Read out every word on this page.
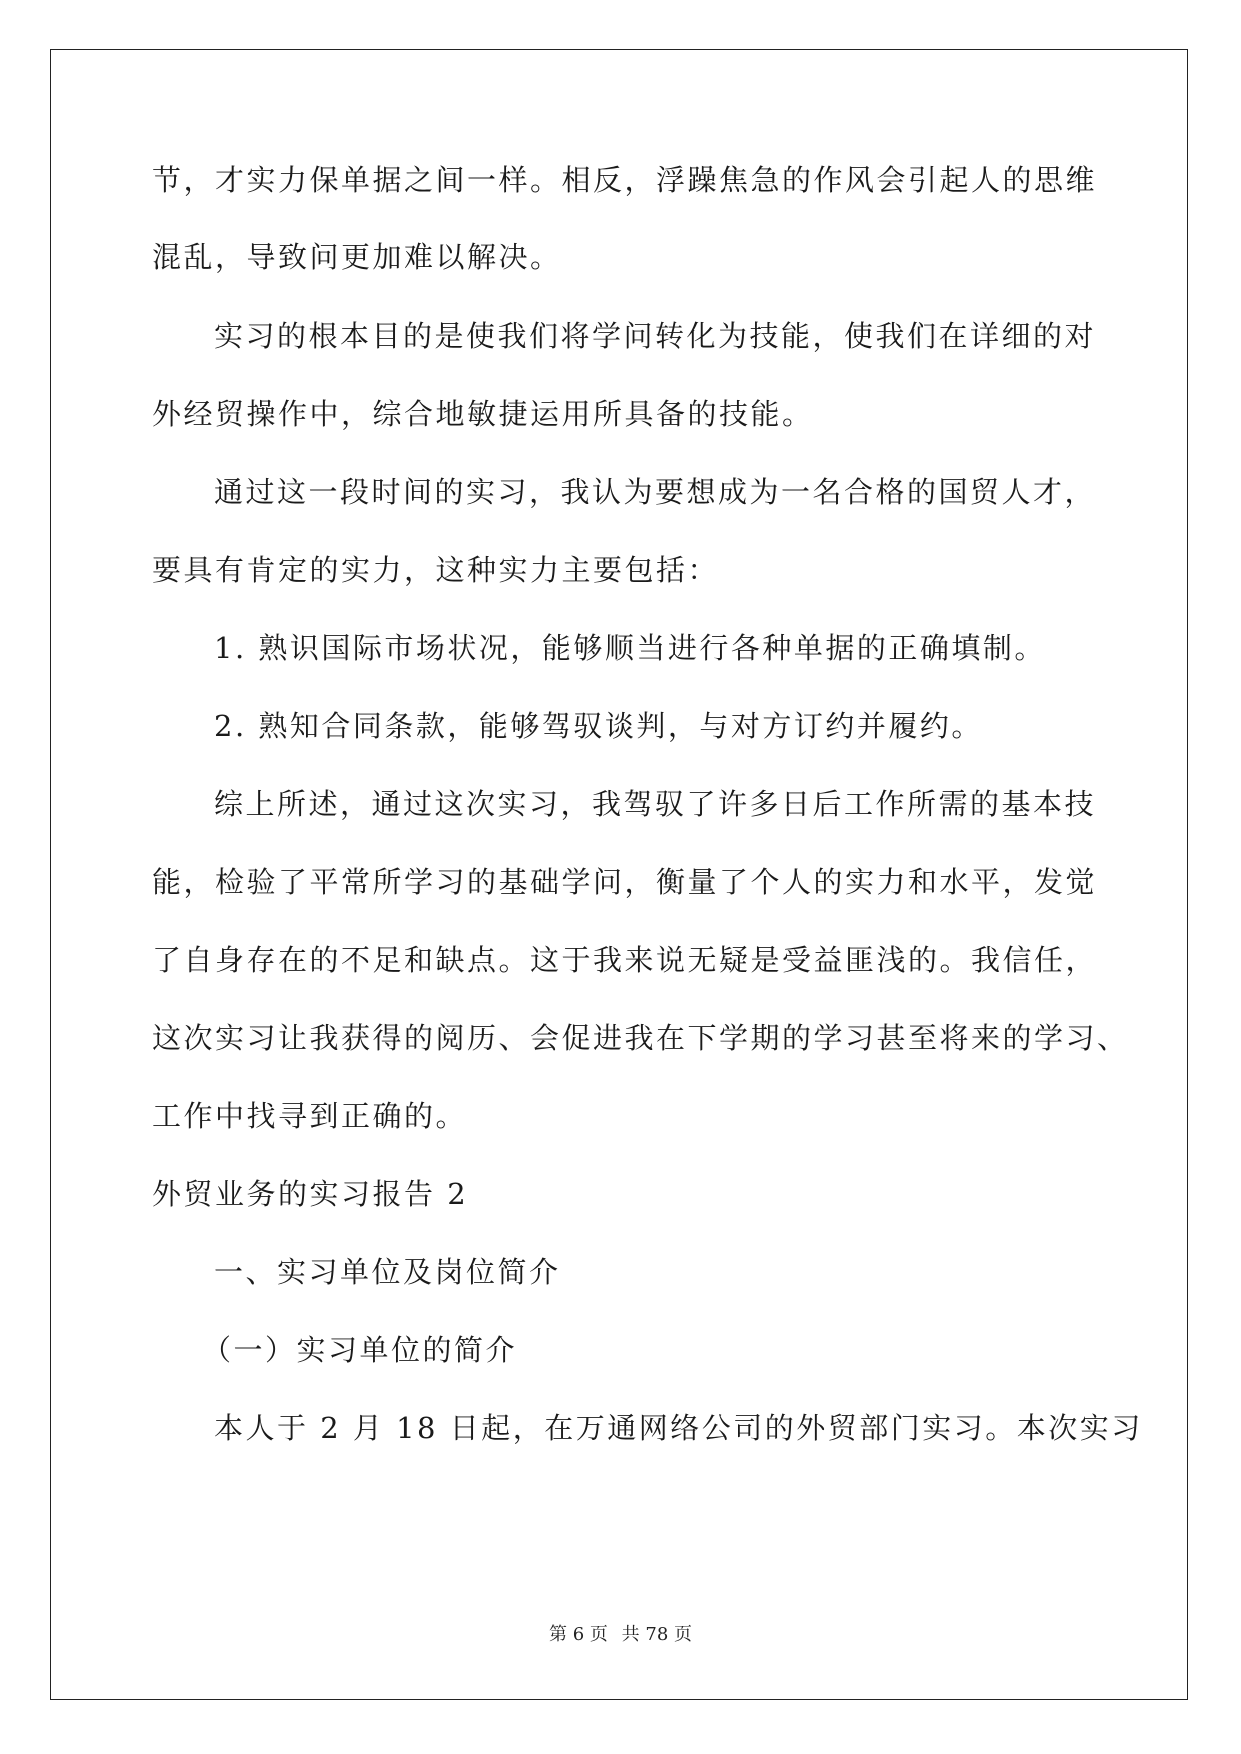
节，才实力保单据之间一样。相反，浮躁焦急的作风会引起人的思维
混乱，导致问更加难以解决。
实习的根本目的是使我们将学问转化为技能，使我们在详细的对
外经贸操作中，综合地敏捷运用所具备的技能。
通过这一段时间的实习，我认为要想成为一名合格的国贸人才，
要具有肯定的实力，这种实力主要包括：
1. 熟识国际市场状况，能够顺当进行各种单据的正确填制。
2. 熟知合同条款，能够驾驭谈判，与对方订约并履约。
综上所述，通过这次实习，我驾驭了许多日后工作所需的基本技
能，检验了平常所学习的基础学问，衡量了个人的实力和水平，发觉
了自身存在的不足和缺点。这于我来说无疑是受益匪浅的。我信任，
这次实习让我获得的阅历、会促进我在下学期的学习甚至将来的学习、
工作中找寻到正确的。
外贸业务的实习报告 2
一、实习单位及岗位简介
（一）实习单位的简介
本人于 2 月 18 日起，在万通网络公司的外贸部门实习。本次实习
第 6 页 共 78 页
